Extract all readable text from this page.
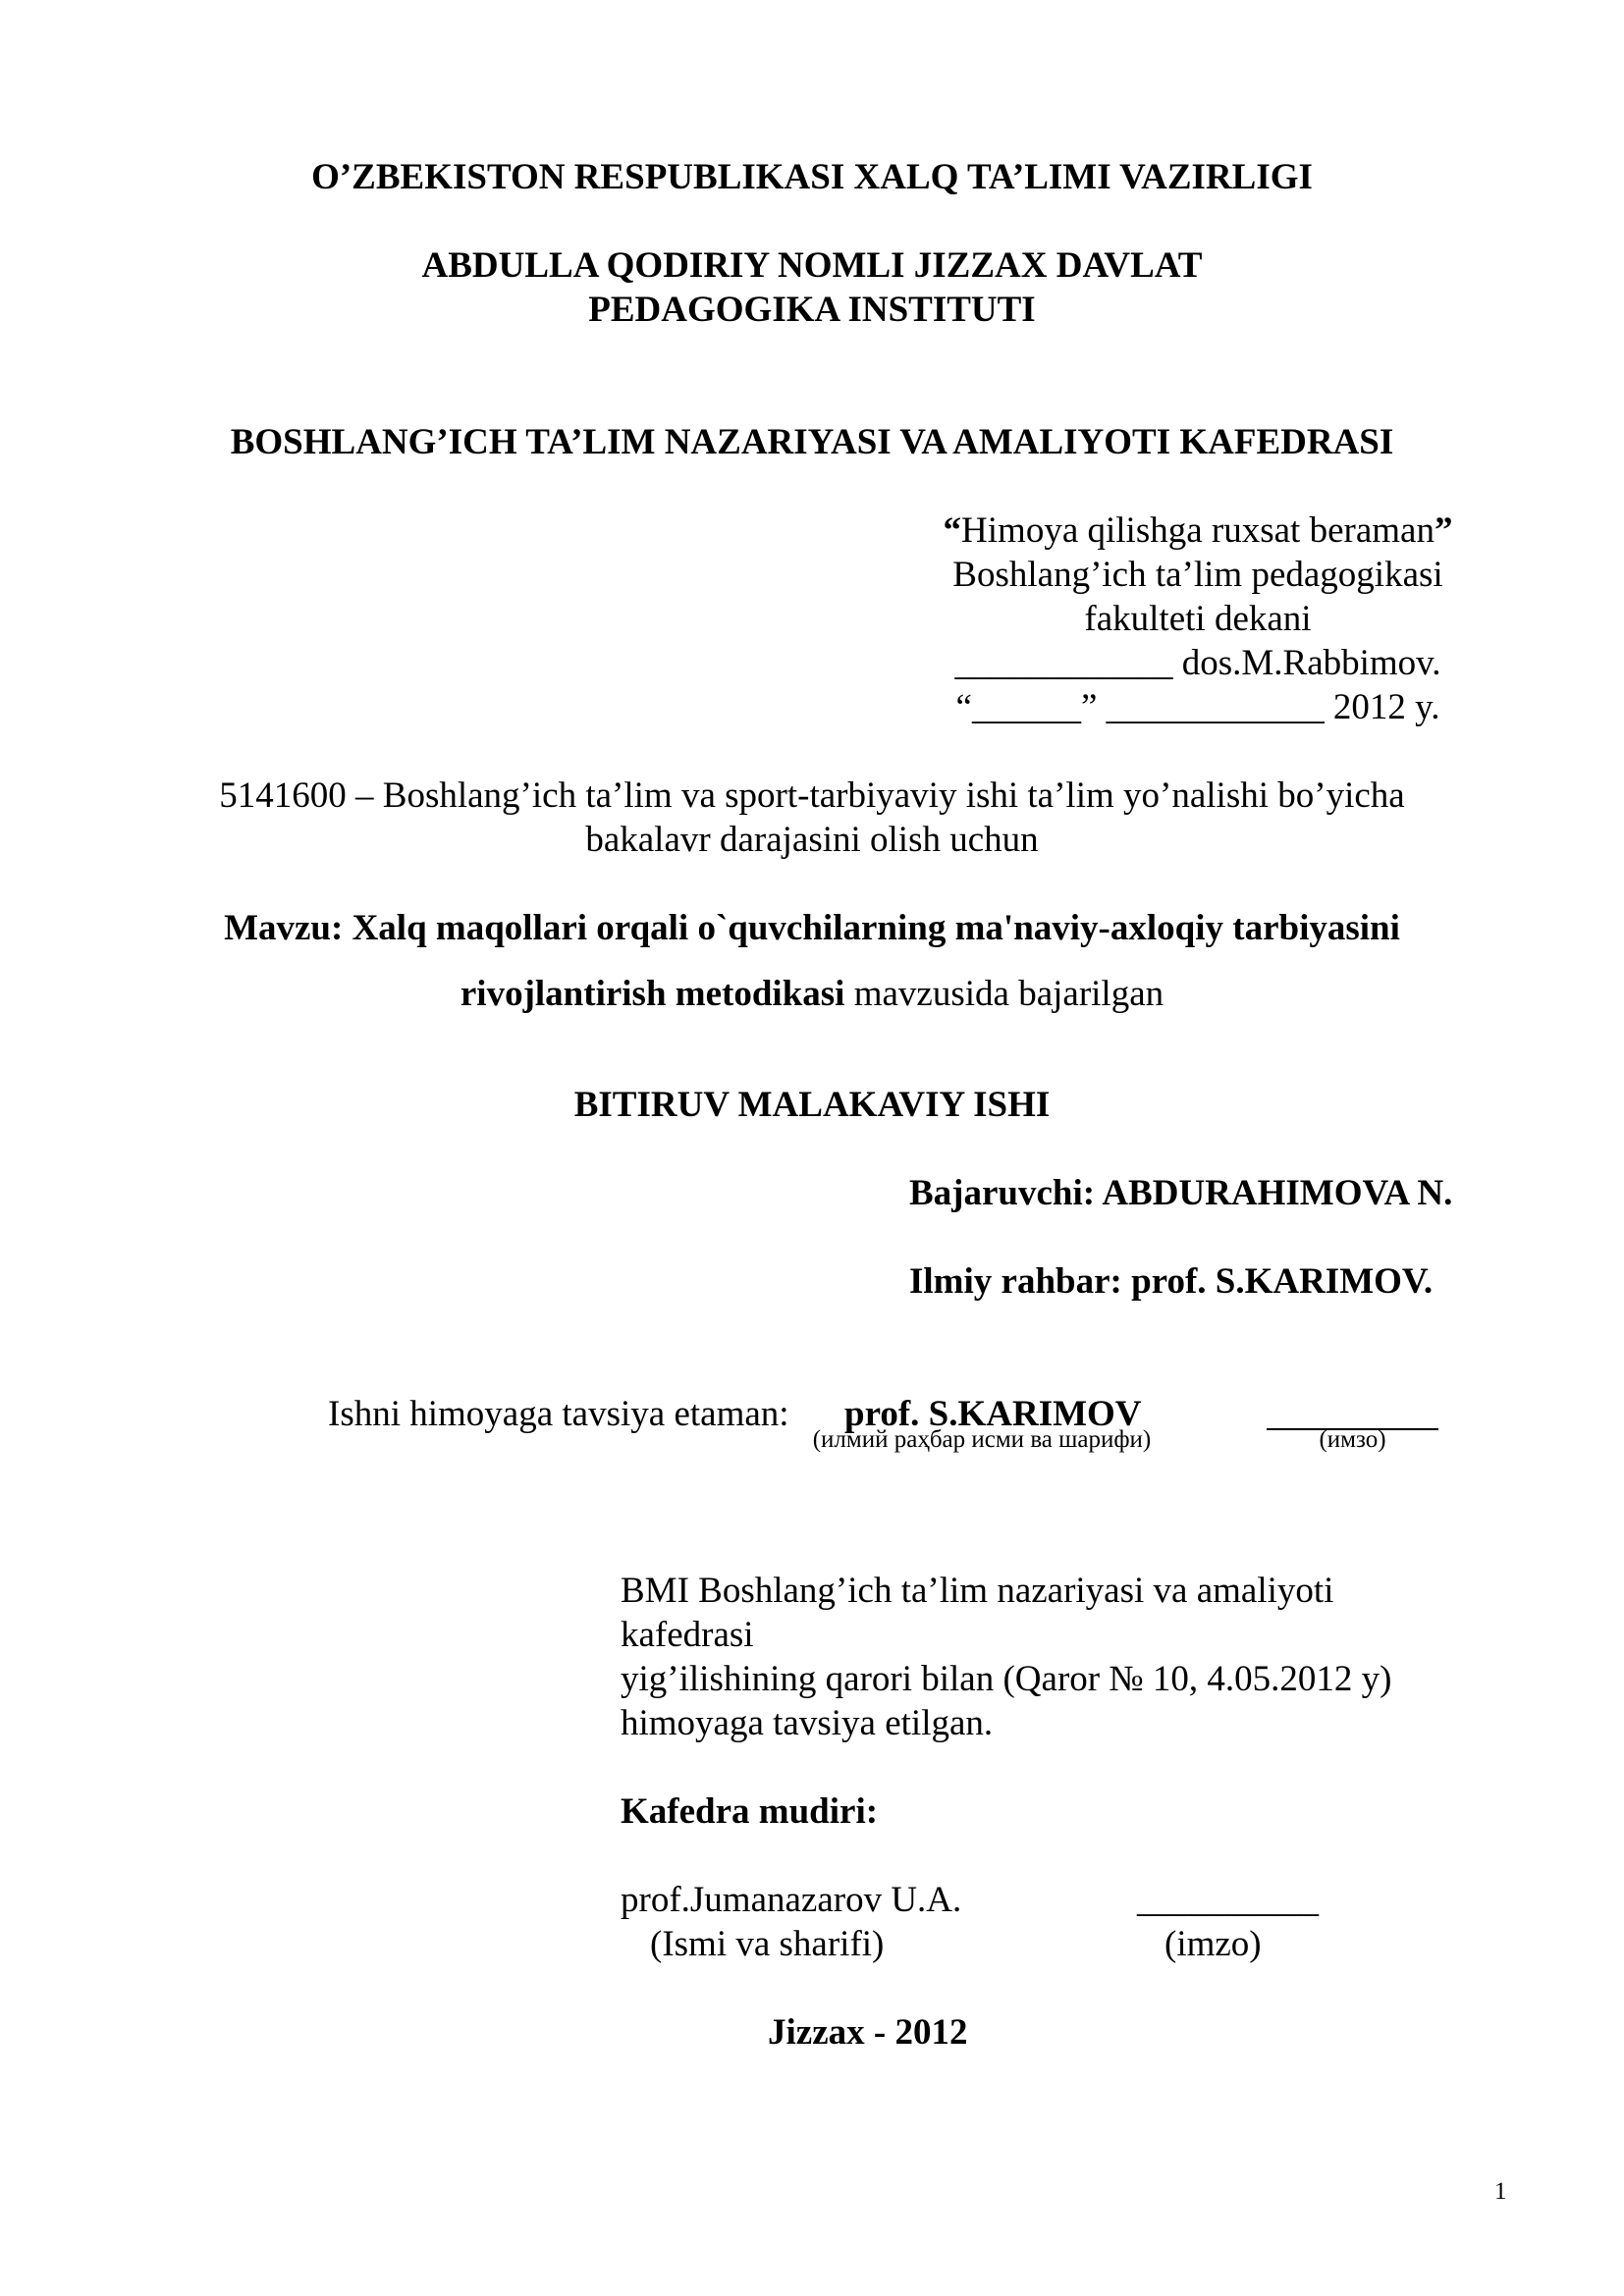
O’ZBEKISTON RESPUBLIKASI XALQ TA’LIMI VAZIRLIGI
ABDULLA QODIRIY NOMLI JIZZAX DAVLAT
PEDAGOGIKA INSTITUTI
BOSHLANG’ICH TA’LIM NAZARIYASI VA AMALIYOTI KAFEDRASI
“Himoya qilishga ruxsat beraman”
Boshlang’ich ta’lim pedagogikasi
fakulteti dekani
____________ dos.M.Rabbimov.
“______” ____________ 2012 y.
5141600 – Boshlang’ich ta’lim va sport-tarbiyaviy ishi ta’lim yo’nalishi bo’yicha
bakalavr darajasini olish uchun
Mavzu: Xalq maqollari orqali o`quvchilarning ma'naviy-axloqiy tarbiyasini
rivojlantirish metodikasi mavzusida bajarilgan
BITIRUV MALAKAVIY ISHI
Bajaruvchi: ABDURAHIMOVA N.
Ilmiy rahbar: prof. S.KARIMOV.
Ishni himoyaga tavsiya etaman: prof. S.KARIMOV
(илмий раҳбар исми ва шарифи)	(имзо)
BMI Boshlang’ich ta’lim nazariyasi va amaliyoti
kafedrasi
yig’ilishining qarori bilan (Qaror № 10, 4.05.2012 y)
himoyaga tavsiya etilgan.
Kafedra mudiri:
prof.Jumanazarov U.A.	__________
(Ismi va sharifi)	(imzo)
Jizzax - 2012
1
